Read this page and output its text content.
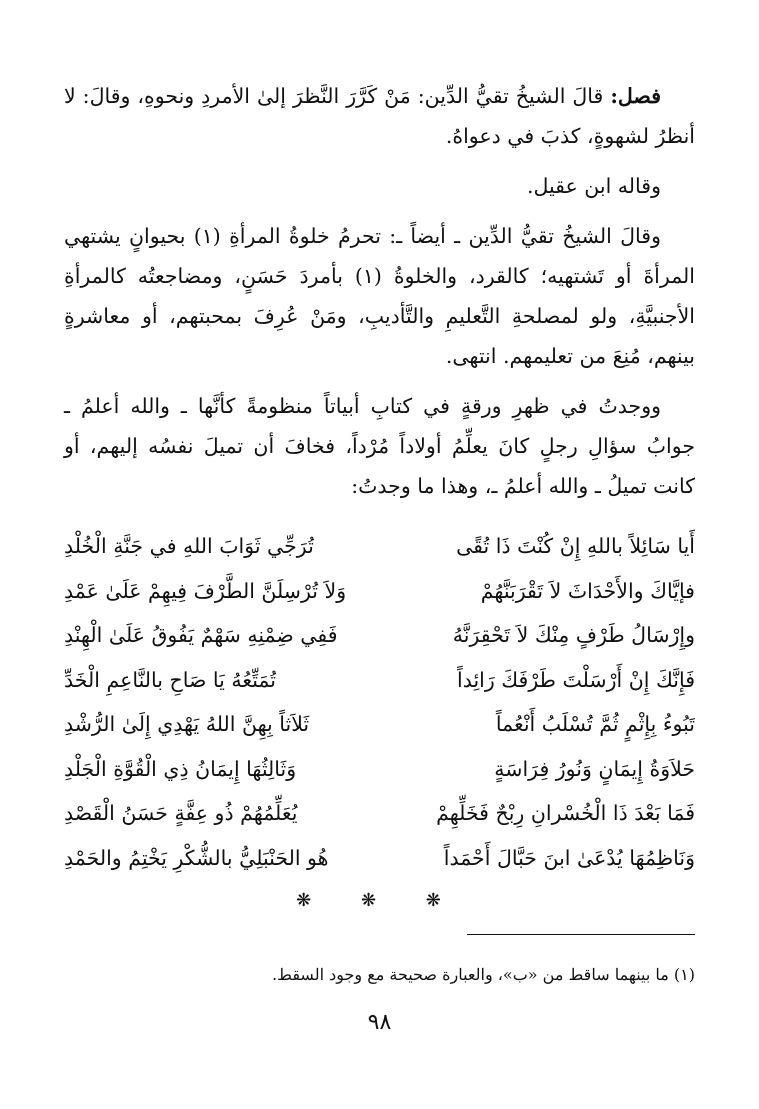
فصل: قالَ الشيخُ تقيُّ الدِّين: مَنْ كَرَّرَ النَّظرَ إلىٰ الأمردِ ونحوهِ، وقالَ: لا أنظرُ لشهوةٍ، كذبَ في دعواهُ.

وقاله ابن عقيل.

وقالَ الشيخُ تقيُّ الدِّين ـ أيضاً ـ: تحرمُ خلوةُ المرأةِ (١) بحيوانٍ يشتهي المرأةَ أو تَشتهيه؛ كالقرد، والخلوةُ (١) بأمردَ حَسَنٍ، ومضاجعتُه كالمرأةِ الأجنبيَّةِ، ولو لمصلحةِ التَّعليمِ والتَّأديبِ، ومَنْ عُرِفَ بمحبتهم، أو معاشرةٍ بينهم، مُنِعَ من تعليمهم. انتهى.

ووجدتُ في ظهرِ ورقةٍ في كتابِ أبياتاً منظومةً كأنَّها ـ والله أعلمُ ـ جوابُ سؤالِ رجلٍ كانَ يعلِّمُ أولاداً مُرْداً، فخافَ أن تميلَ نفسُه إليهم، أو كانت تميلُ ـ والله أعلمُ ـ، وهذا ما وجدتُ:

أَيا سَائِلاً باللهِ إِنْ كُنْتَ ذَا تُقًى
تُرَجِّي ثَوَابَ اللهِ في جَنَّةِ الْخُلْدِ
فإيَّاكَ والأَحْدَاثَ لاَ تَقْرَبَنَّهُمْ
وَلاَ تُرْسِلَنَّ الطَّرْفَ فِيهِمْ عَلَىٰ عَمْدِ
وإِرْسَالُ طَرْفٍ مِنْكَ لاَ تَحْقِرَنَّهُ
فَفِي ضِمْنِهِ سَهْمٌ يَفُوقُ عَلَىٰ الْهِنْدِ
فَإِنَّكَ إِنْ أَرْسَلْتَ طَرْفَكَ رَائِداً
تُمَتِّعُهُ يَا صَاحِ بالنَّاعِمِ الْخَدِّ
تَبُوءُ بِإِثْمٍ ثُمَّ تُسْلَبُ أَنْعُماً
ثَلاَثاً بِهِنَّ اللهُ يَهْدِي إِلَىٰ الرُّشْدِ
حَلاَوَةُ إِيمَانٍ وَنُورُ فِرَاسَةٍ
وَثَالِثُهَا إِيمَانُ ذِي الْقُوَّةِ الْجَلْدِ
فَمَا بَعْدَ ذَا الْخُسْرانِ رِبْحٌ فَخَلِّهِمْ
يُعَلِّمُهُمْ ذُو عِفَّةٍ حَسَنُ الْقَصْدِ
وَنَاظِمُهَا يُدْعَىٰ ابنَ حَبَّالَ أَحْمَداً
هُو الحَنْبَلِيُّ بالشُّكْرِ يَخْتِمُ والحَمْدِ
❋ ❋ ❋
(١) ما بينهما ساقط من «ب»، والعبارة صحيحة مع وجود السقط.
٩٨
